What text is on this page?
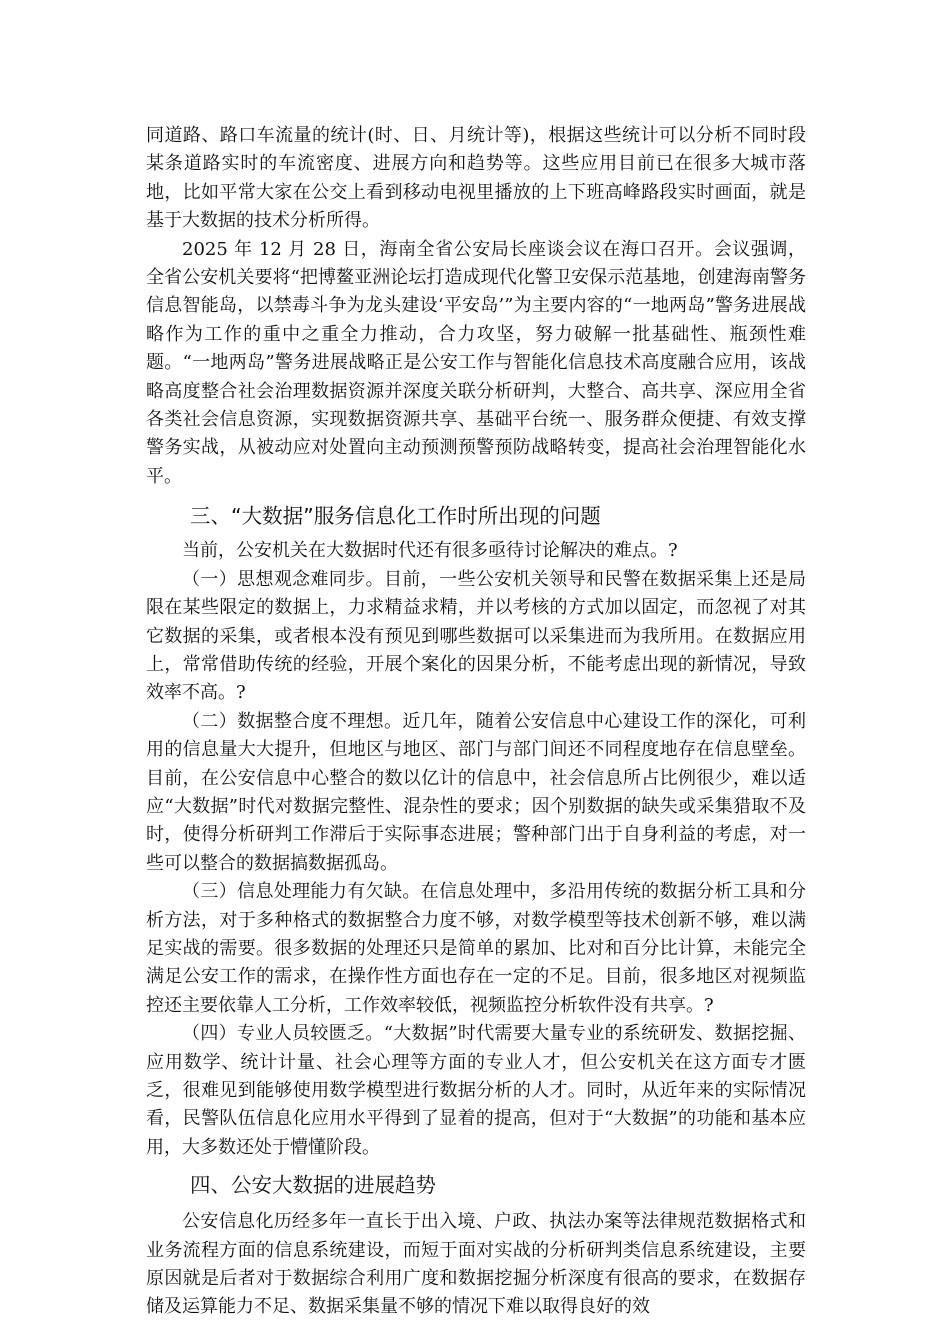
同道路、路口车流量的统计(时、日、月统计等)，根据这些统计可以分析不同时段某条道路实时的车流密度、进展方向和趋势等。这些应用目前已在很多大城市落地，比如平常大家在公交上看到移动电视里播放的上下班高峰路段实时画面，就是基于大数据的技术分析所得。

2025 年 12 月 28 日，海南全省公安局长座谈会议在海口召开。会议强调，全省公安机关要将“把博鳌亚洲论坛打造成现代化警卫安保示范基地，创建海南警务信息智能岛，以禁毒斗争为龙头建设‘平安岛’”为主要内容的“一地两岛”警务进展战略作为工作的重中之重全力推动，合力攻坚，努力破解一批基础性、瓶颈性难题。“一地两岛”警务进展战略正是公安工作与智能化信息技术高度融合应用，该战略高度整合社会治理数据资源并深度关联分析研判，大整合、高共享、深应用全省各类社会信息资源，实现数据资源共享、基础平台统一、服务群众便捷、有效支撑警务实战，从被动应对处置向主动预测预警预防战略转变，提高社会治理智能化水平。

三、“大数据”服务信息化工作时所出现的问题

当前，公安机关在大数据时代还有很多亟待讨论解决的难点。?

（一）思想观念难同步。目前，一些公安机关领导和民警在数据采集上还是局限在某些限定的数据上，力求精益求精，并以考核的方式加以固定，而忽视了对其它数据的采集，或者根本没有预见到哪些数据可以采集进而为我所用。在数据应用上，常常借助传统的经验，开展个案化的因果分析，不能考虑出现的新情况，导致效率不高。?

（二）数据整合度不理想。近几年，随着公安信息中心建设工作的深化，可利用的信息量大大提升，但地区与地区、部门与部门间还不同程度地存在信息壁垒。目前，在公安信息中心整合的数以亿计的信息中，社会信息所占比例很少，难以适应“大数据”时代对数据完整性、混杂性的要求；因个别数据的缺失或采集猎取不及时，使得分析研判工作滞后于实际事态进展；警种部门出于自身利益的考虑，对一些可以整合的数据搞数据孤岛。

（三）信息处理能力有欠缺。在信息处理中，多沿用传统的数据分析工具和分析方法，对于多种格式的数据整合力度不够，对数学模型等技术创新不够，难以满足实战的需要。很多数据的处理还只是简单的累加、比对和百分比计算，未能完全满足公安工作的需求，在操作性方面也存在一定的不足。目前，很多地区对视频监控还主要依靠人工分析，工作效率较低，视频监控分析软件没有共享。?

（四）专业人员较匮乏。“大数据”时代需要大量专业的系统研发、数据挖掘、应用数学、统计计量、社会心理等方面的专业人才，但公安机关在这方面专才匮乏，很难见到能够使用数学模型进行数据分析的人才。同时，从近年来的实际情况看，民警队伍信息化应用水平得到了显着的提高，但对于“大数据”的功能和基本应用，大多数还处于懵懂阶段。

四、公安大数据的进展趋势

公安信息化历经多年一直长于出入境、户政、执法办案等法律规范数据格式和业务流程方面的信息系统建设，而短于面对实战的分析研判类信息系统建设，主要原因就是后者对于数据综合利用广度和数据挖掘分析深度有很高的要求，在数据存储及运算能力不足、数据采集量不够的情况下难以取得良好的效
